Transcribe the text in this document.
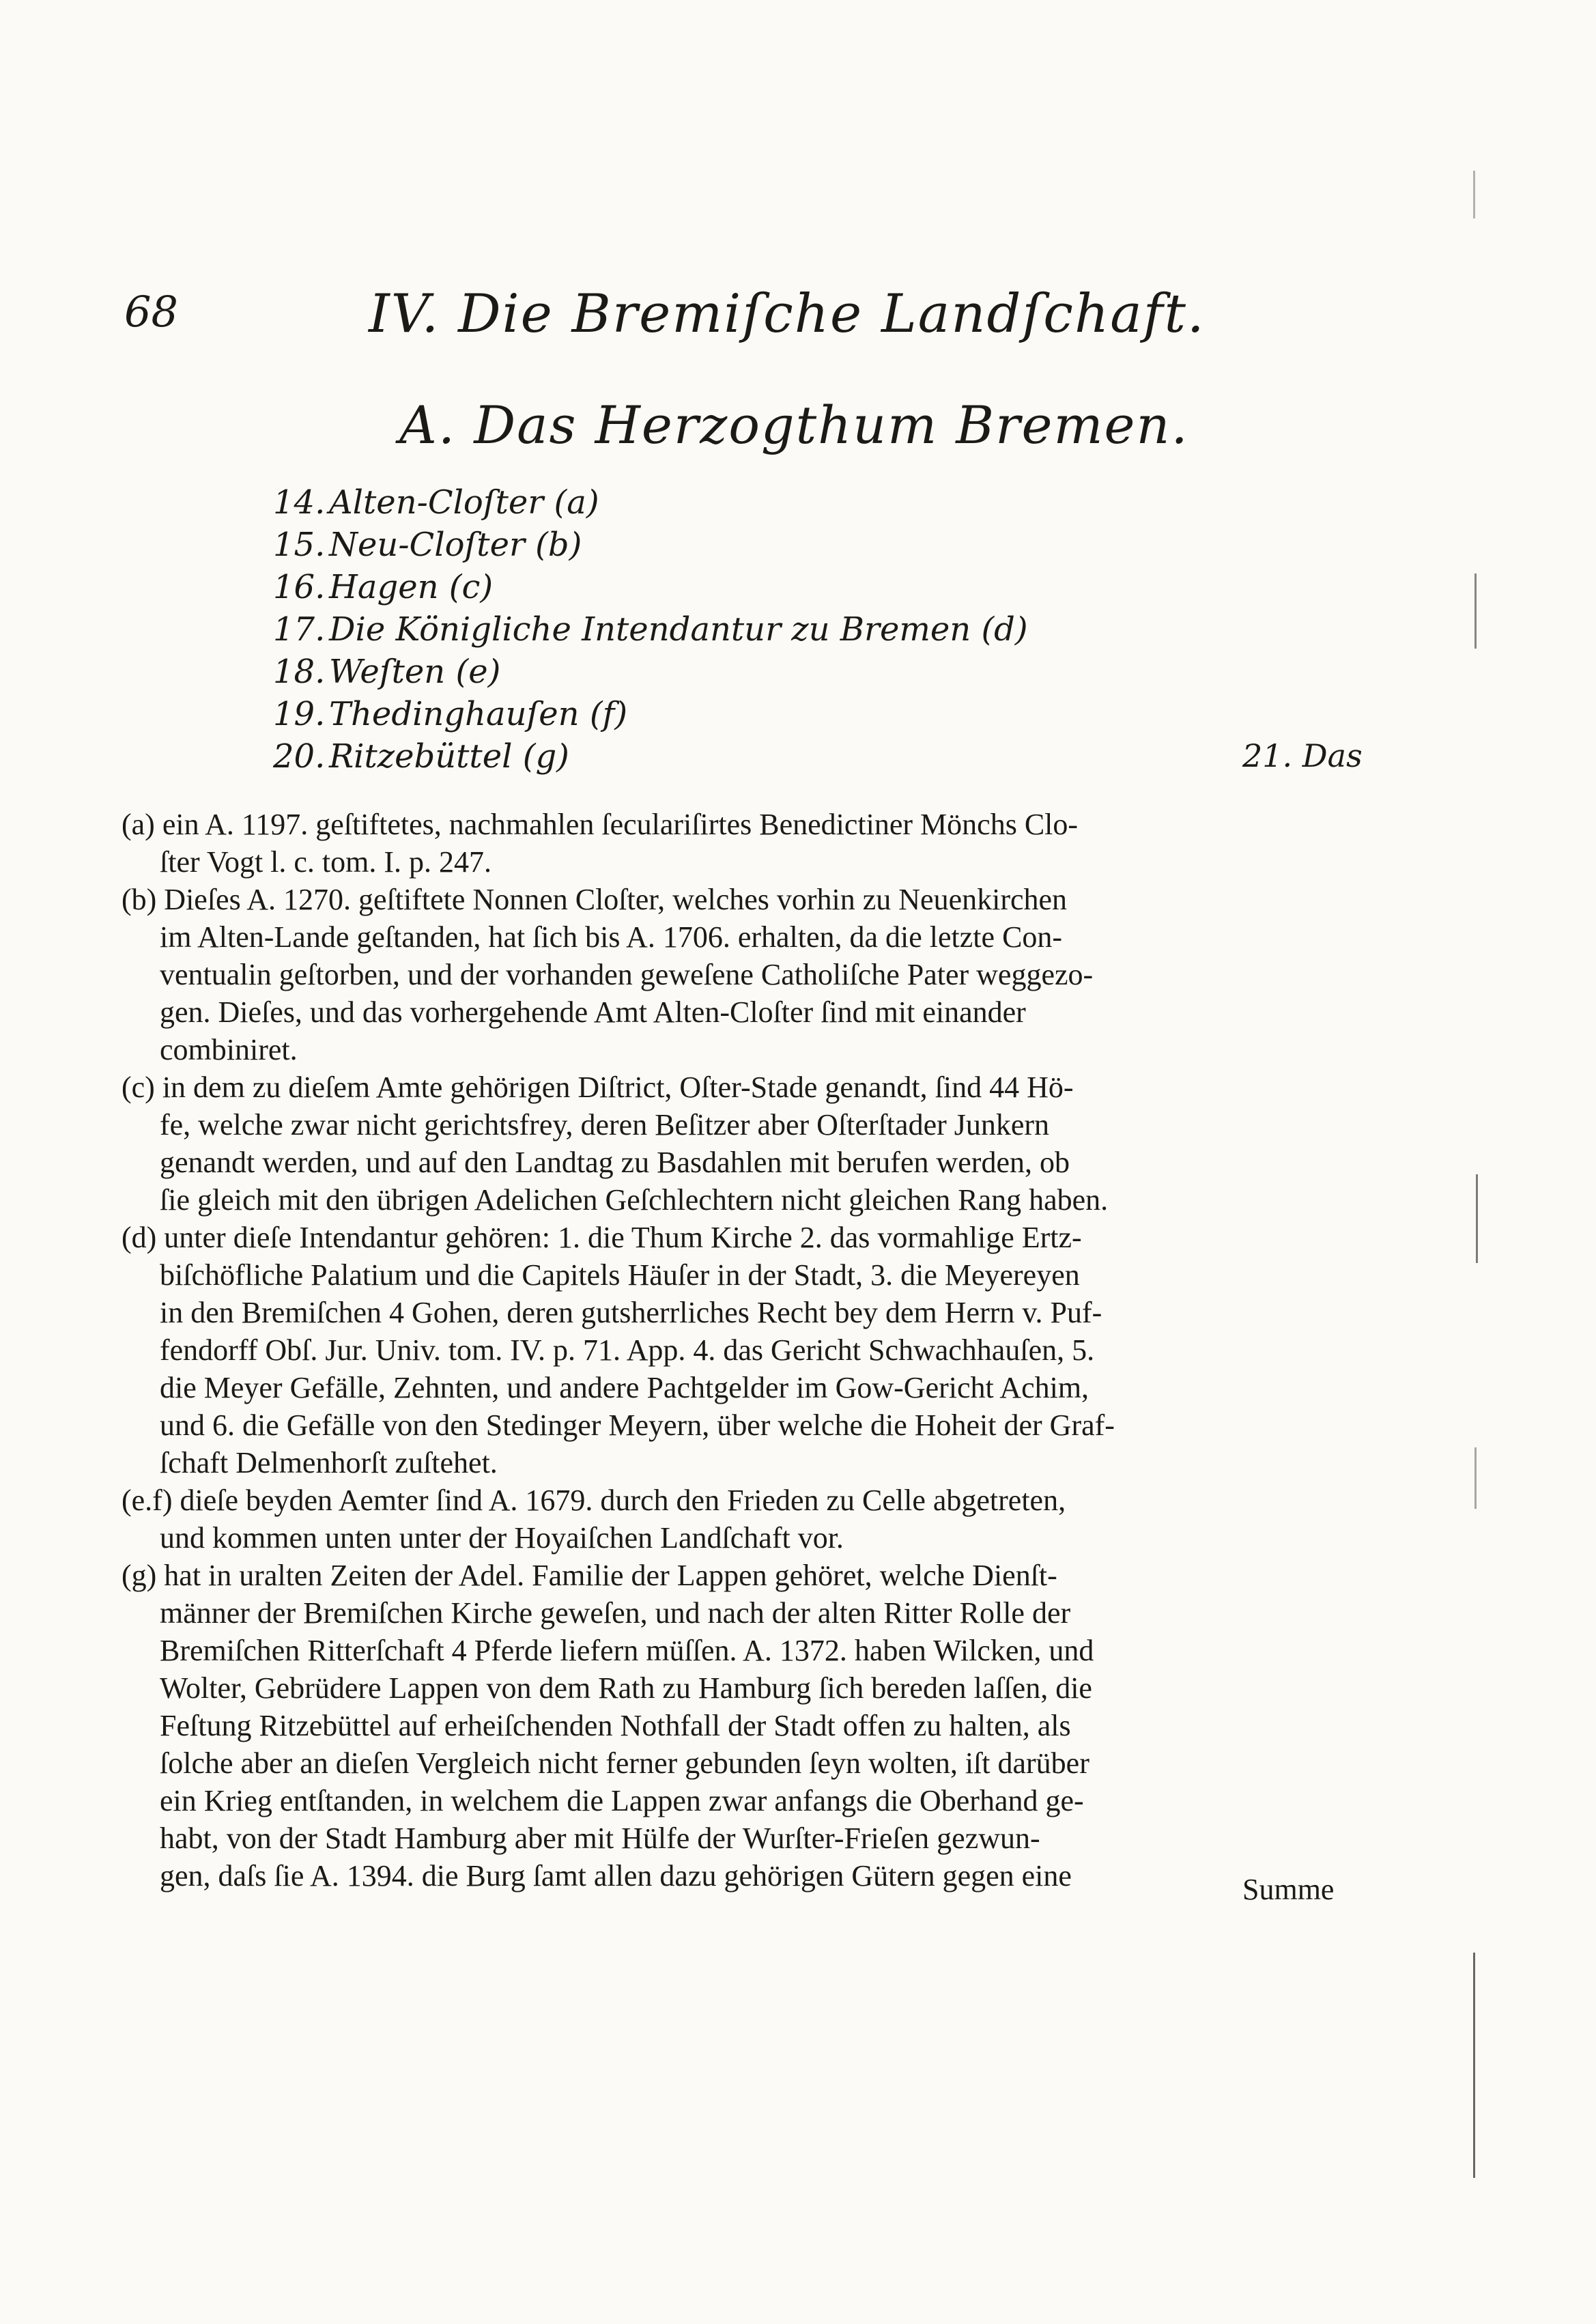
68	IV. Die Bremiſche Landſchaft.
A. Das Herzogthum Bremen.
14. Alten-Cloſter (a)
15. Neu-Cloſter (b)
16. Hagen (c)
17. Die Königliche Intendantur zu Bremen (d)
18. Weſten (e)
19. Thedinghauſen (f)
20. Ritzebüttel (g)	21. Das
(a) ein A. 1197. geſtiftetes, nachmahlen ſeculariſirtes Benedictiner Mönchs Clo-
ſter Vogt l. c. tom. I. p. 247.
(b) Dieſes A. 1270. geſtiftete Nonnen Cloſter, welches vorhin zu Neuenkirchen
im Alten-Lande geſtanden, hat ſich bis A. 1706. erhalten, da die letzte Con-
ventualin geſtorben, und der vorhanden geweſene Catholiſche Pater weggezo-
gen. Dieſes, und das vorhergehende Amt Alten-Cloſter ſind mit einander
combiniret.
(c) in dem zu dieſem Amte gehörigen Diſtrict, Oſter-Stade genandt, ſind 44 Hö-
fe, welche zwar nicht gerichtsfrey, deren Beſitzer aber Oſterſtader Junkern
genandt werden, und auf den Landtag zu Basdahlen mit berufen werden, ob
ſie gleich mit den übrigen Adelichen Geſchlechtern nicht gleichen Rang haben.
(d) unter dieſe Intendantur gehören: 1. die Thum Kirche 2. das vormahlige Ertz-
biſchöfliche Palatium und die Capitels Häuſer in der Stadt, 3. die Meyereyen
in den Bremiſchen 4 Gohen, deren gutsherrliches Recht bey dem Herrn v. Puf-
fendorff Obſ. Jur. Univ. tom. IV. p. 71. App. 4. das Gericht Schwachhauſen, 5.
die Meyer Gefälle, Zehnten, und andere Pachtgelder im Gow-Gericht Achim,
und 6. die Gefälle von den Stedinger Meyern, über welche die Hoheit der Graf-
ſchaft Delmenhorſt zuſtehet.
(e.f) dieſe beyden Aemter ſind A. 1679. durch den Frieden zu Celle abgetreten,
und kommen unten unter der Hoyaiſchen Landſchaft vor.
(g) hat in uralten Zeiten der Adel. Familie der Lappen gehöret, welche Dienſt-
männer der Bremiſchen Kirche geweſen, und nach der alten Ritter Rolle der
Bremiſchen Ritterſchaft 4 Pferde liefern müſſen. A. 1372. haben Wilcken, und
Wolter, Gebrüdere Lappen von dem Rath zu Hamburg ſich bereden laſſen, die
Feſtung Ritzebüttel auf erheiſchenden Nothfall der Stadt offen zu halten, als
ſolche aber an dieſen Vergleich nicht ferner gebunden ſeyn wolten, iſt darüber
ein Krieg entſtanden, in welchem die Lappen zwar anfangs die Oberhand ge-
habt, von der Stadt Hamburg aber mit Hülfe der Wurſter-Frieſen gezwun-
gen, daſs ſie A. 1394. die Burg ſamt allen dazu gehörigen Gütern gegen eine	Summe
